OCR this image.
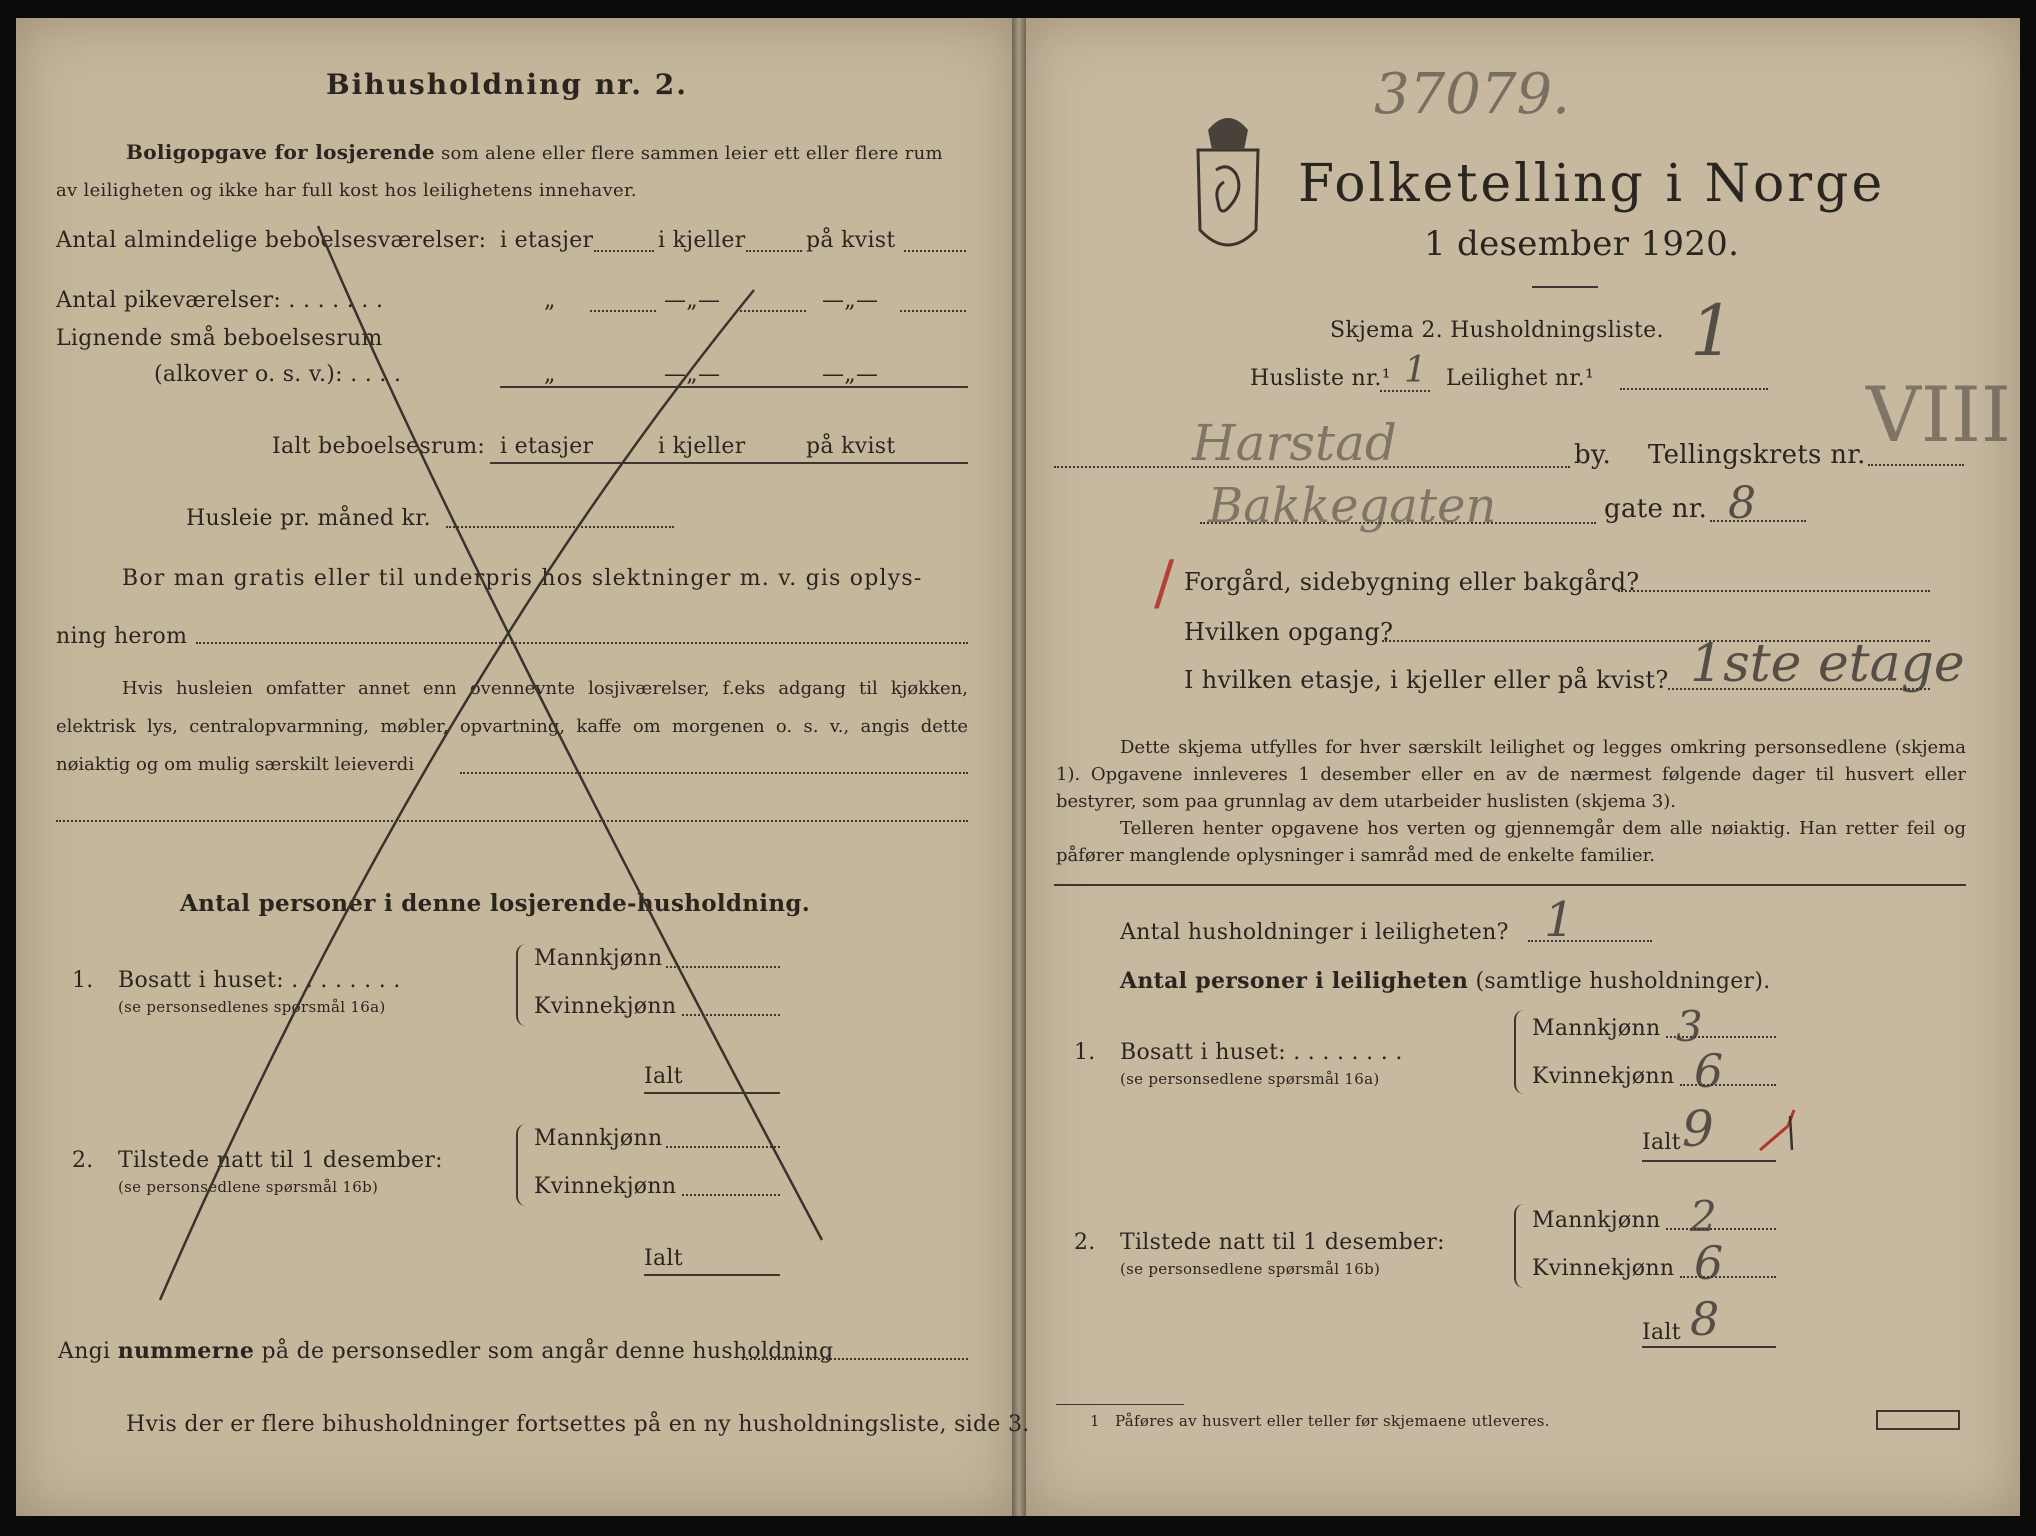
Bihusholdning nr. 2.
Boligopgave for losjerende som alene eller flere sammen leier ett eller flere rum
av leiligheten og ikke har full kost hos leilighetens innehaver.
Antal almindelige beboelsesværelser: i etasjer	i kjeller	på kvist
Antal pikeværelser: . . . . . . .	„	—„—	—„—
Lignende små beboelsesrum
(alkover o. s. v.): . . . .	„	—„—	—„—
Ialt beboelsesrum: i etasjer	i kjeller	på kvist
Husleie pr. måned kr.
Bor man gratis eller til underpris hos slektninger m. v. gis oplys-
ning herom
Hvis husleien omfatter annet enn ovennevnte losjiværelser, f.eks adgang til kjøkken, elektrisk lys, centralopvarmning, møbler, opvartning, kaffe om morgenen o. s. v., angis dette nøiaktig og om mulig særskilt leieverdi
Antal personer i denne losjerende-husholdning.
1. Bosatt i huset: . . . . . . . .
(se personsedlenes spørsmål 16a)
Mannkjønn
Kvinnekjønn
Ialt
2. Tilstede natt til 1 desember:
(se personsedlene spørsmål 16b)
Mannkjønn
Kvinnekjønn
Ialt
Angi nummerne på de personsedler som angår denne husholdning
Hvis der er flere bihusholdninger fortsettes på en ny husholdningsliste, side 3.
37079.
Folketelling i Norge
1 desember 1920.
Skjema 2. Husholdningsliste.
Husliste nr.¹ 1 Leilighet nr.¹
1
Harstad	by. Tellingskrets nr. VIII
Bakkegaten	gate nr. 8
/ Forgård, sidebygning eller bakgård?
Hvilken opgang?
I hvilken etasje, i kjeller eller på kvist? 1ste etage
Dette skjema utfylles for hver særskilt leilighet og legges omkring personsedlene (skjema 1). Opgavene innleveres 1 desember eller en av de nærmest følgende dager til husvert eller bestyrer, som paa grunnlag av dem utarbeider huslisten (skjema 3).
Telleren henter opgavene hos verten og gjennemgår dem alle nøiaktig. Han retter feil og påfører manglende oplysninger i samråd med de enkelte familier.
Antal husholdninger i leiligheten? 1
Antal personer i leiligheten (samtlige husholdninger).
1. Bosatt i huset: . . . . . . . .
(se personsedlene spørsmål 16a)
Mannkjønn 3
Kvinnekjønn 6
Ialt 9
2. Tilstede natt til 1 desember:
(se personsedlene spørsmål 16b)
Mannkjønn 2
Kvinnekjønn 6
Ialt 8
1 Påføres av husvert eller teller før skjemaene utleveres.
